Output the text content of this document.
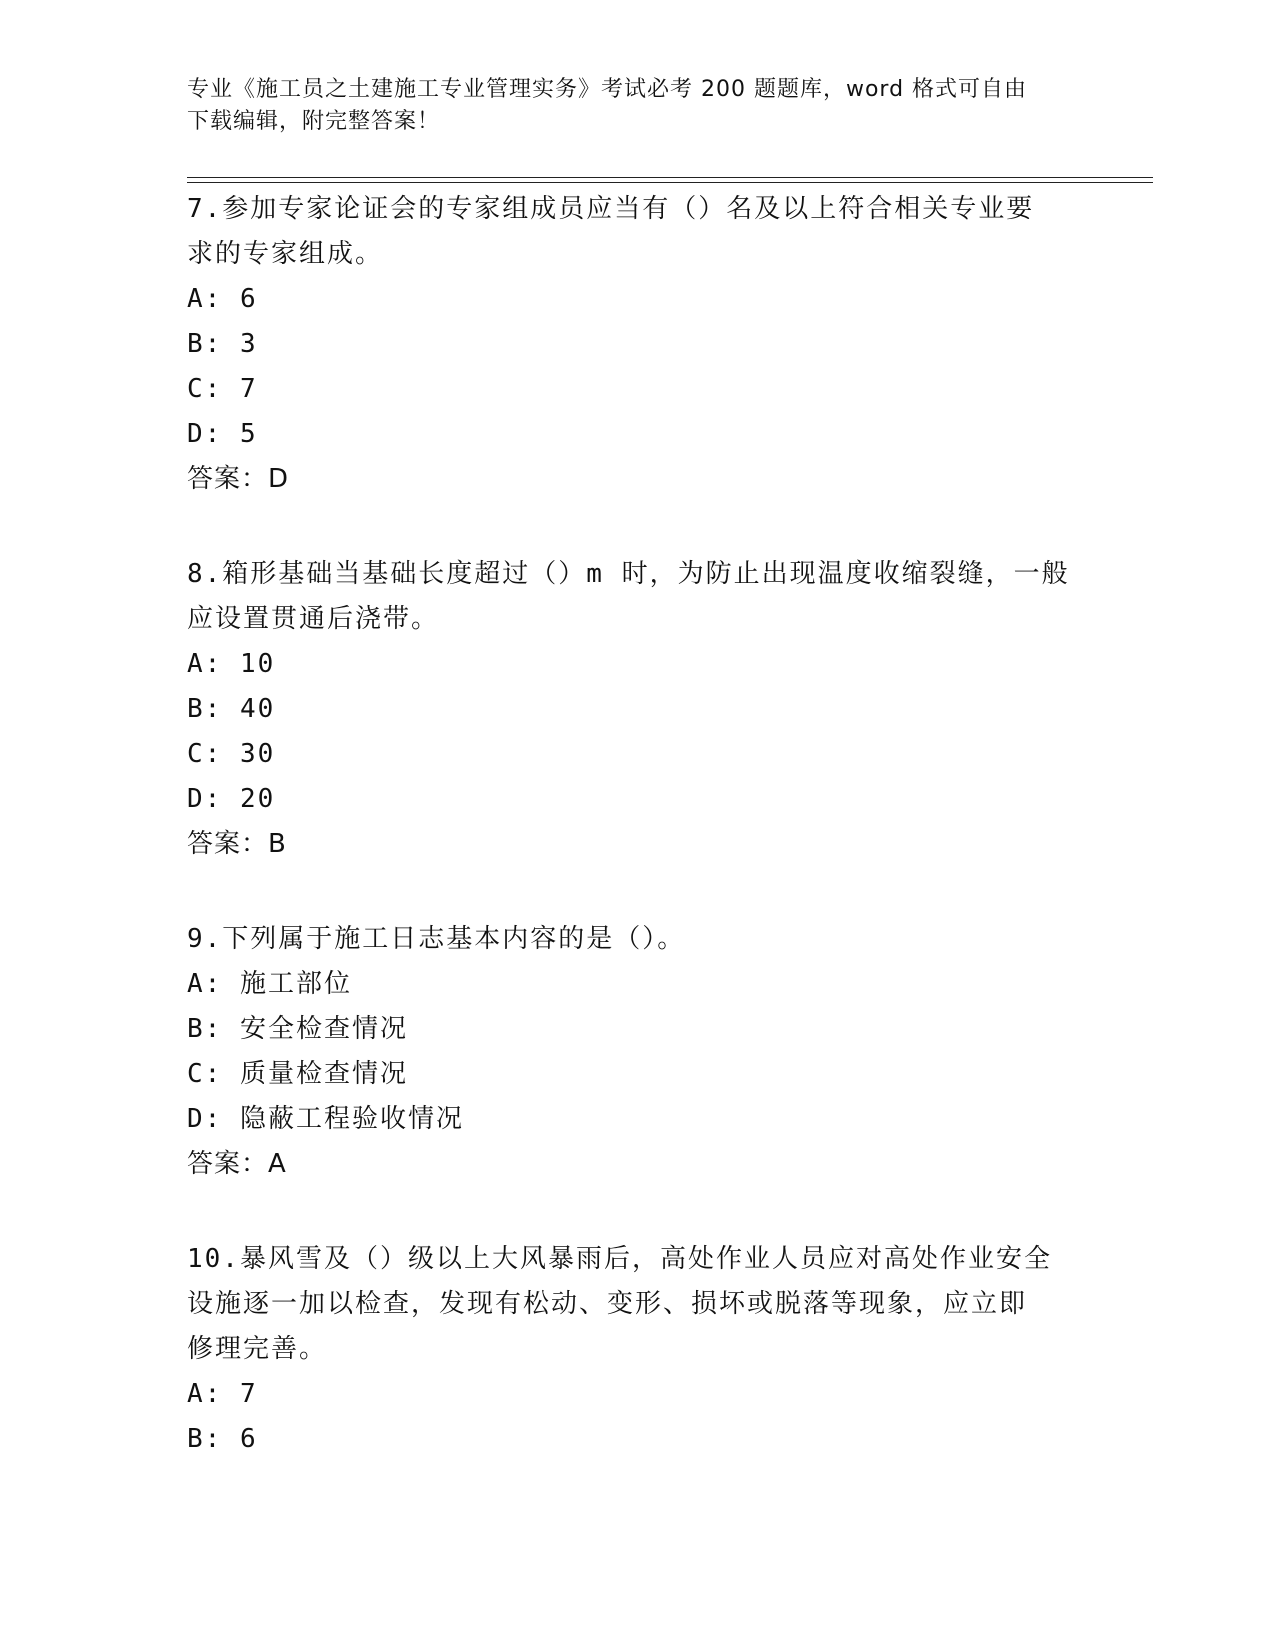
专业《施工员之土建施工专业管理实务》考试必考 200 题题库，word 格式可自由
下载编辑，附完整答案！
7.参加专家论证会的专家组成员应当有（）名及以上符合相关专业要
求的专家组成。
A: 6
B: 3
C: 7
D: 5
答案：D
8.箱形基础当基础长度超过（）m 时，为防止出现温度收缩裂缝，一般
应设置贯通后浇带。
A: 10
B: 40
C: 30
D: 20
答案：B
9.下列属于施工日志基本内容的是（）。
A: 施工部位
B: 安全检查情况
C: 质量检查情况
D: 隐蔽工程验收情况
答案：A
10.暴风雪及（）级以上大风暴雨后，高处作业人员应对高处作业安全
设施逐一加以检查，发现有松动、变形、损坏或脱落等现象，应立即
修理完善。
A: 7
B: 6
